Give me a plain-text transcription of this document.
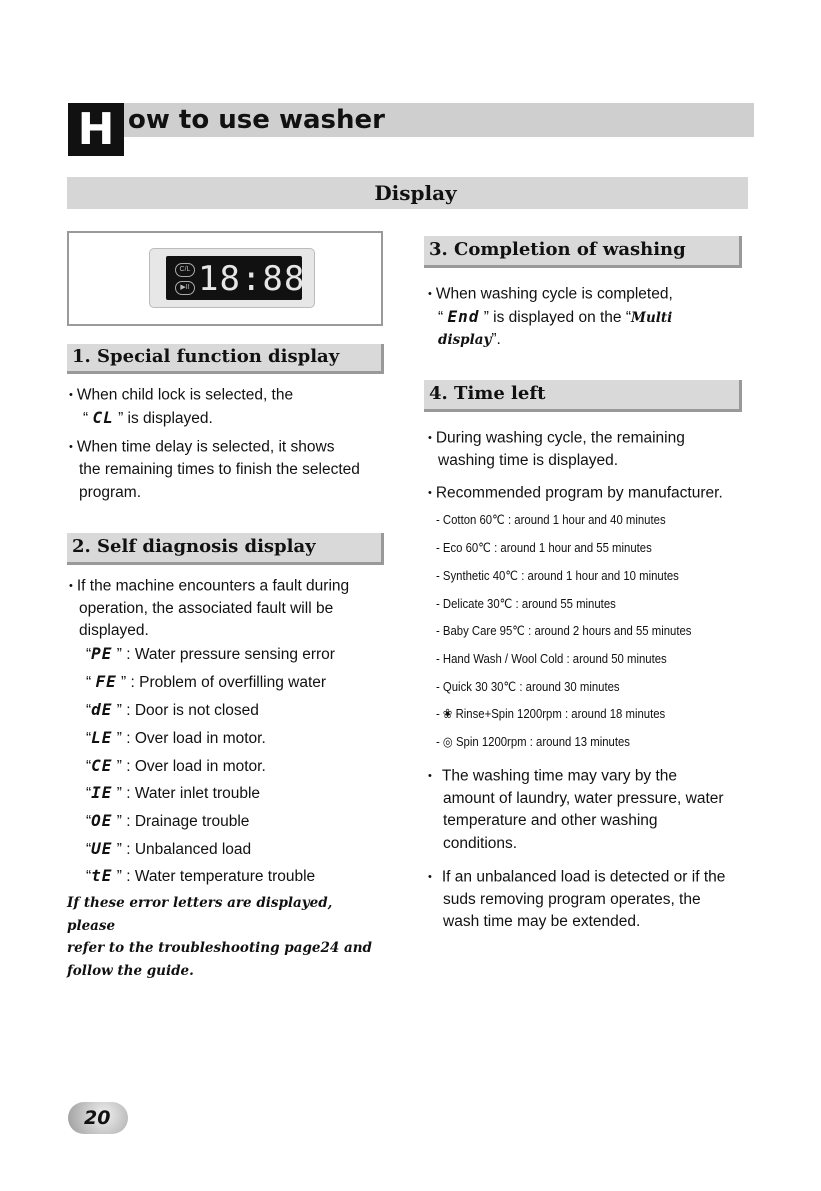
H ow to use washer
Display
C/L
▶II 18:88
1. Special function display
• When child lock is selected, the
“ CL ” is displayed.
• When time delay is selected, it shows
the remaining times to finish the selected
program.
2. Self diagnosis display
• If the machine encounters a fault during
operation, the associated fault will be
displayed.
“PE ” : Water pressure sensing error
“ FE ” : Problem of overfilling water
“dE ” : Door is not closed
“LE ” : Over load in motor.
“CE ” : Over load in motor.
“IE ” : Water inlet trouble
“OE ” : Drainage trouble
“UE ” : Unbalanced load
“tE ” : Water temperature trouble
If these error letters are displayed, please
refer to the troubleshooting page24 and
follow the guide.
3. Completion of washing
• When washing cycle is completed,
“ End ” is displayed on the “Multi
display”.
4. Time left
• During washing cycle, the remaining
washing time is displayed.
• Recommended program by manufacturer.
- Cotton 60℃ : around 1 hour and 40 minutes
- Eco 60℃ : around 1 hour and 55 minutes
- Synthetic 40℃ : around 1 hour and 10 minutes
- Delicate 30℃ : around 55 minutes
- Baby Care 95℃ : around 2 hours and 55 minutes
- Hand Wash / Wool Cold : around 50 minutes
- Quick 30 30℃ : around 30 minutes
- ❀ Rinse+Spin 1200rpm : around 18 minutes
- ◎ Spin 1200rpm : around 13 minutes
• The washing time may vary by the
amount of laundry, water pressure, water
temperature and other washing
conditions.
• If an unbalanced load is detected or if the
suds removing program operates, the
wash time may be extended.
20
